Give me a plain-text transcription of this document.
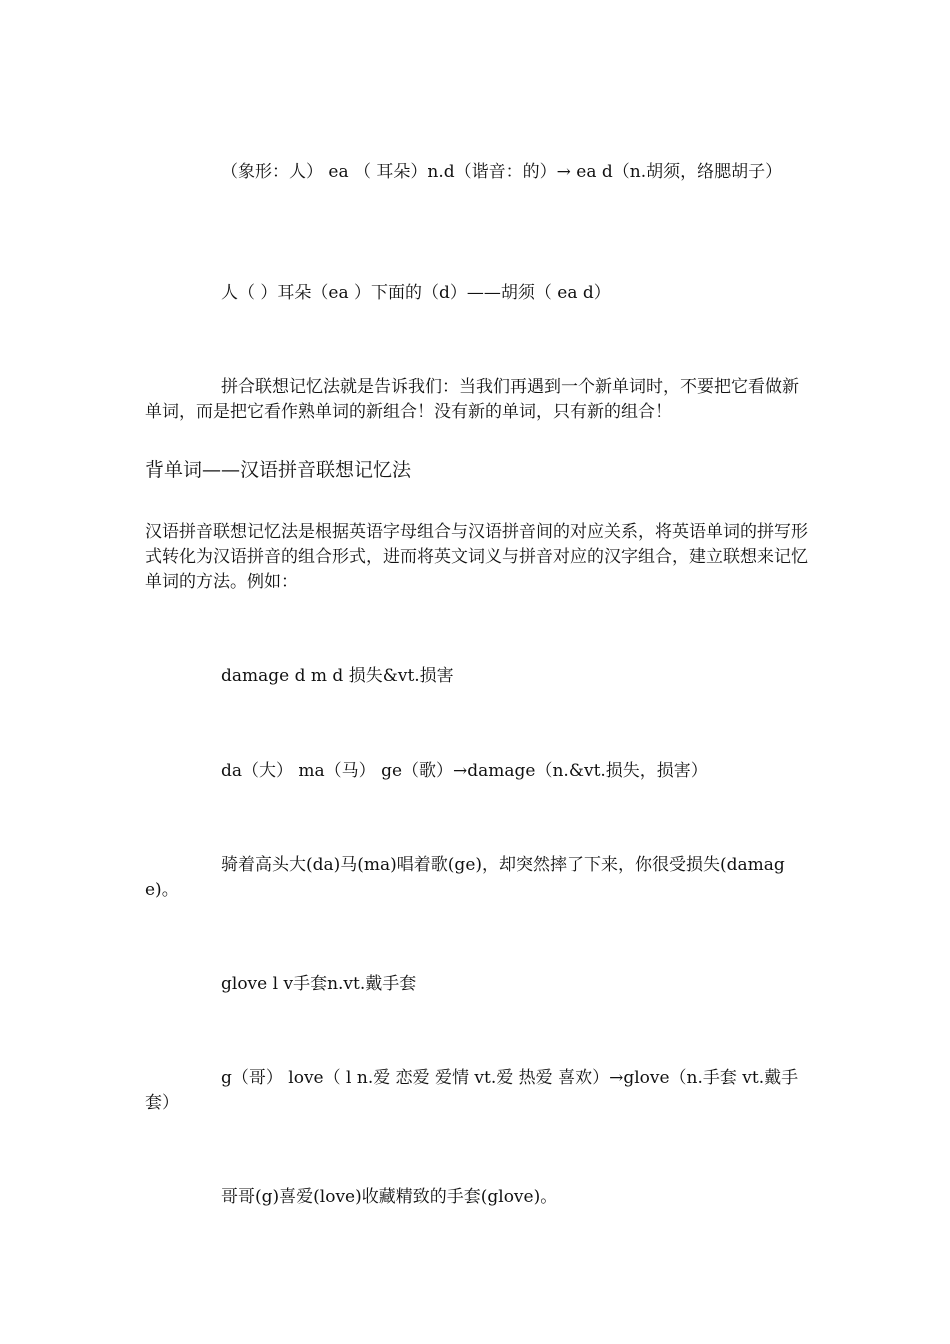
（象形：人） ea （ 耳朵）n.d（谐音：的）→ ea d（n.胡须，络腮胡子）

人（ ）耳朵（ea ）下面的（d）——胡须（ ea d）

拼合联想记忆法就是告诉我们：当我们再遇到一个新单词时，不要把它看做新单词，而是把它看作熟单词的新组合！没有新的单词，只有新的组合！

背单词——汉语拼音联想记忆法

汉语拼音联想记忆法是根据英语字母组合与汉语拼音间的对应关系，将英语单词的拼写形式转化为汉语拼音的组合形式，进而将英文词义与拼音对应的汉字组合，建立联想来记忆单词的方法。例如：

damage d m d 损失&vt.损害

da（大） ma（马） ge（歌）→damage（n.&vt.损失，损害）

骑着高头大(da)马(ma)唱着歌(ge)，却突然摔了下来，你很受损失(damage)。

glove l v手套n.vt.戴手套

g（哥） love（ l n.爱 恋爱 爱情 vt.爱 热爱 喜欢）→glove（n.手套 vt.戴手套）

哥哥(g)喜爱(love)收藏精致的手套(glove)。
